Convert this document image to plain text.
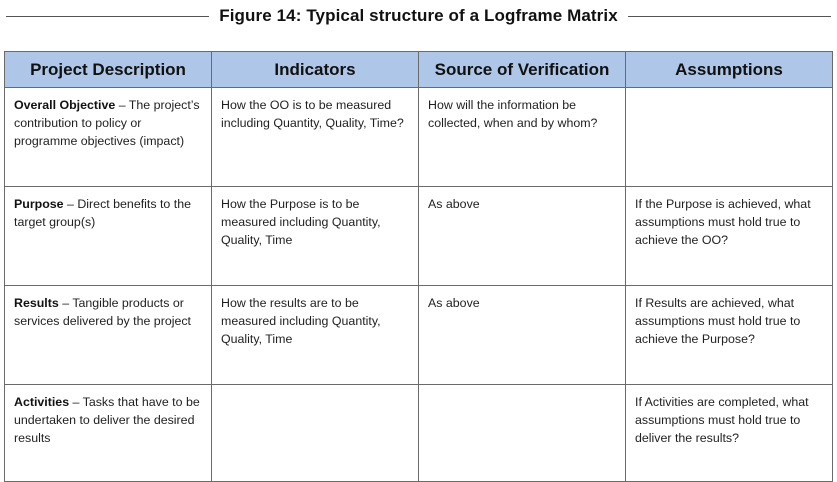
Figure 14: Typical structure of a Logframe Matrix
Project Description	Indicators	Source of Verification	Assumptions
Overall Objective – The project’s contribution to policy or programme objectives (impact)	How the OO is to be measured including Quantity, Quality, Time?	How will the information be collected, when and by whom?	
Purpose – Direct benefits to the target group(s)	How the Purpose is to be measured including Quantity, Quality, Time	As above	If the Purpose is achieved, what assumptions must hold true to achieve the OO?
Results – Tangible products or services delivered by the project	How the results are to be measured including Quantity, Quality, Time	As above	If Results are achieved, what assumptions must hold true to achieve the Purpose?
Activities – Tasks that have to be undertaken to deliver the desired results			If Activities are completed, what assumptions must hold true to deliver the results?
